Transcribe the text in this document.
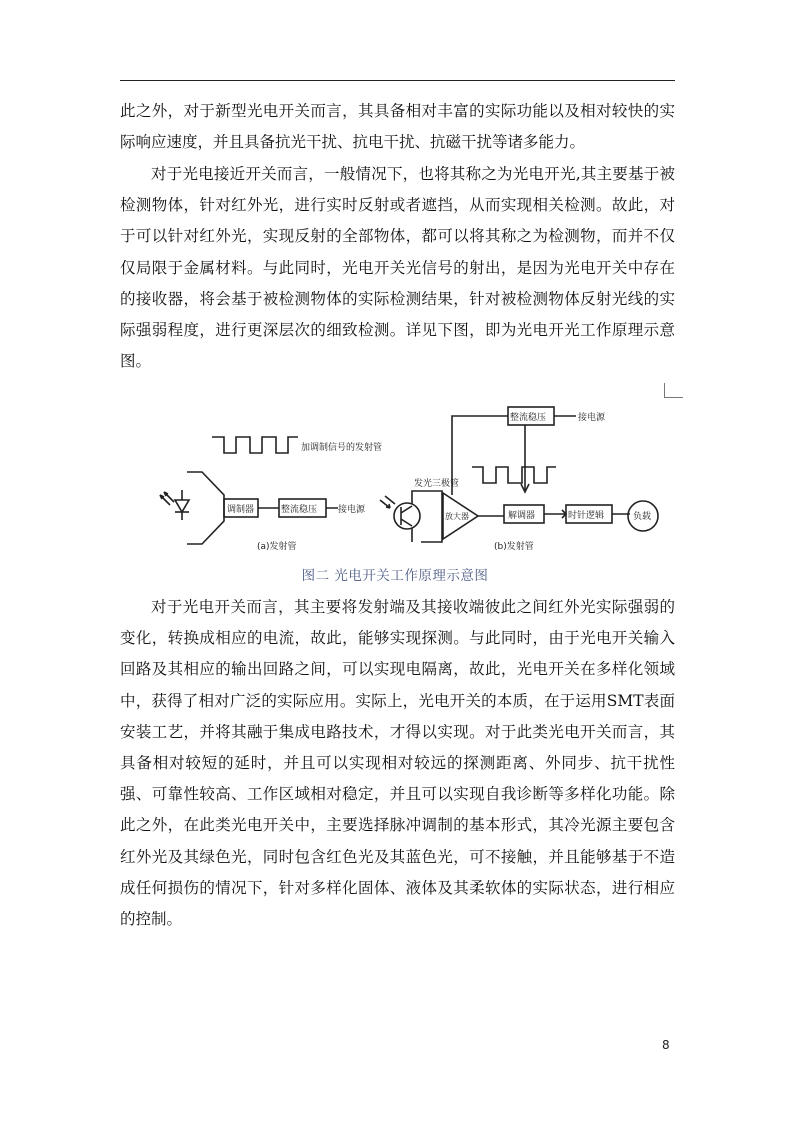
此之外，对于新型光电开关而言，其具备相对丰富的实际功能以及相对较快的实际响应速度，并且具备抗光干扰、抗电干扰、抗磁干扰等诸多能力。

对于光电接近开关而言，一般情况下，也将其称之为光电开光,其主要基于被检测物体，针对红外光，进行实时反射或者遮挡，从而实现相关检测。故此，对于可以针对红外光，实现反射的全部物体，都可以将其称之为检测物，而并不仅仅局限于金属材料。与此同时，光电开关光信号的射出，是因为光电开关中存在的接收器，将会基于被检测物体的实际检测结果，针对被检测物体反射光线的实际强弱程度，进行更深层次的细致检测。详见下图，即为光电开光工作原理示意图。

加调制信号的发射管
调制器	整流稳压 接电源
(a)发射管
整流稳压	接电源
发光三极管
放大器	解调器	时针逻辑	负载
(b)发射管
图二 光电开关工作原理示意图

对于光电开关而言，其主要将发射端及其接收端彼此之间红外光实际强弱的变化，转换成相应的电流，故此，能够实现探测。与此同时，由于光电开关输入回路及其相应的输出回路之间，可以实现电隔离，故此，光电开关在多样化领域中，获得了相对广泛的实际应用。实际上，光电开关的本质，在于运用SMT表面安装工艺，并将其融于集成电路技术，才得以实现。对于此类光电开关而言，其具备相对较短的延时，并且可以实现相对较远的探测距离、外同步、抗干扰性强、可靠性较高、工作区域相对稳定，并且可以实现自我诊断等多样化功能。除此之外，在此类光电开关中，主要选择脉冲调制的基本形式，其冷光源主要包含红外光及其绿色光，同时包含红色光及其蓝色光，可不接触，并且能够基于不造成任何损伤的情况下，针对多样化固体、液体及其柔软体的实际状态，进行相应的控制。

8
